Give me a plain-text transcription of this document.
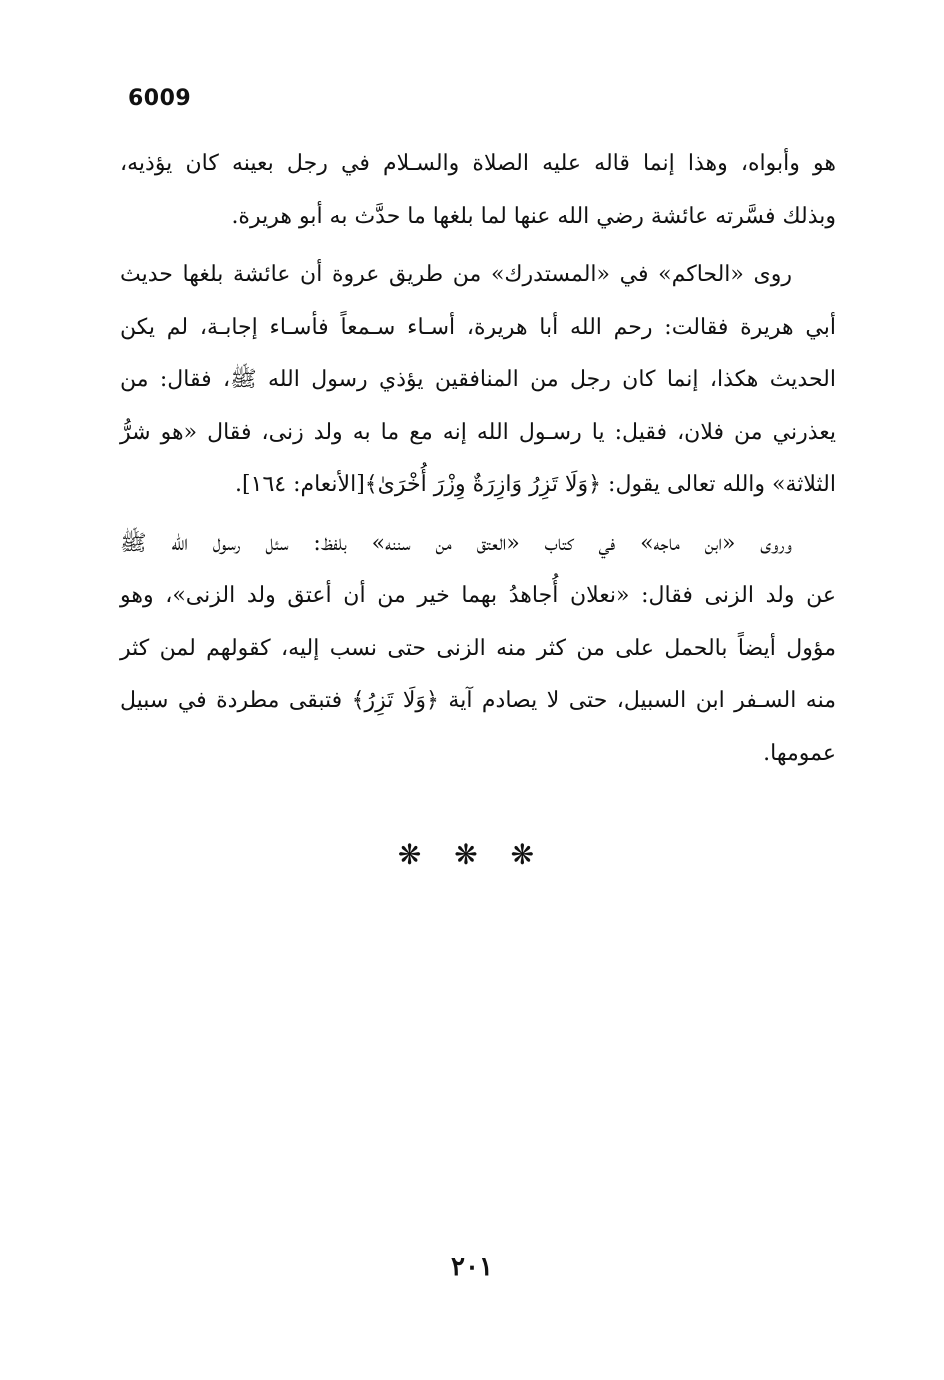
6009
هو وأبواه، وهذا إنما قاله عليه الصلاة والسـلام في رجل بعينه كان يؤذيه،
وبذلك فسَّرته عائشة رضي الله عنها لما بلغها ما حدَّث به أبو هريرة.
روى «الحاكم» في «المستدرك» من طريق عروة أن عائشة بلغها حديث
أبي هريرة فقالت: رحم الله أبا هريرة، أسـاء سـمعاً فأسـاء إجابـة، لم يكن
الحديث هكذا، إنما كان رجل من المنافقين يؤذي رسول الله ﷺ، فقال: من
يعذرني من فلان، فقيل: يا رسـول الله إنه مع ما به ولد زنى، فقال «هو شرُّ
الثلاثة» والله تعالى يقول: ﴿وَلَا تَزِرُ وَازِرَةٌ وِزْرَ أُخْرَىٰ﴾[الأنعام: ١٦٤].
وروى «ابن ماجه» في كتاب «العتق من سننه» بلفظ: سئل رسول الله ﷺ
عن ولد الزنى فقال: «نعلان أُجاهدُ بهما خير من أن أعتق ولد الزنى»، وهو
مؤول أيضاً بالحمل على من كثر منه الزنى حتى نسب إليه، كقولهم لمن كثر
منه السـفر ابن السبيل، حتى لا يصادم آية ﴿وَلَا تَزِرُ﴾ فتبقى مطردة في سبيل
عمومها.
❋ ❋ ❋
٢٠١
